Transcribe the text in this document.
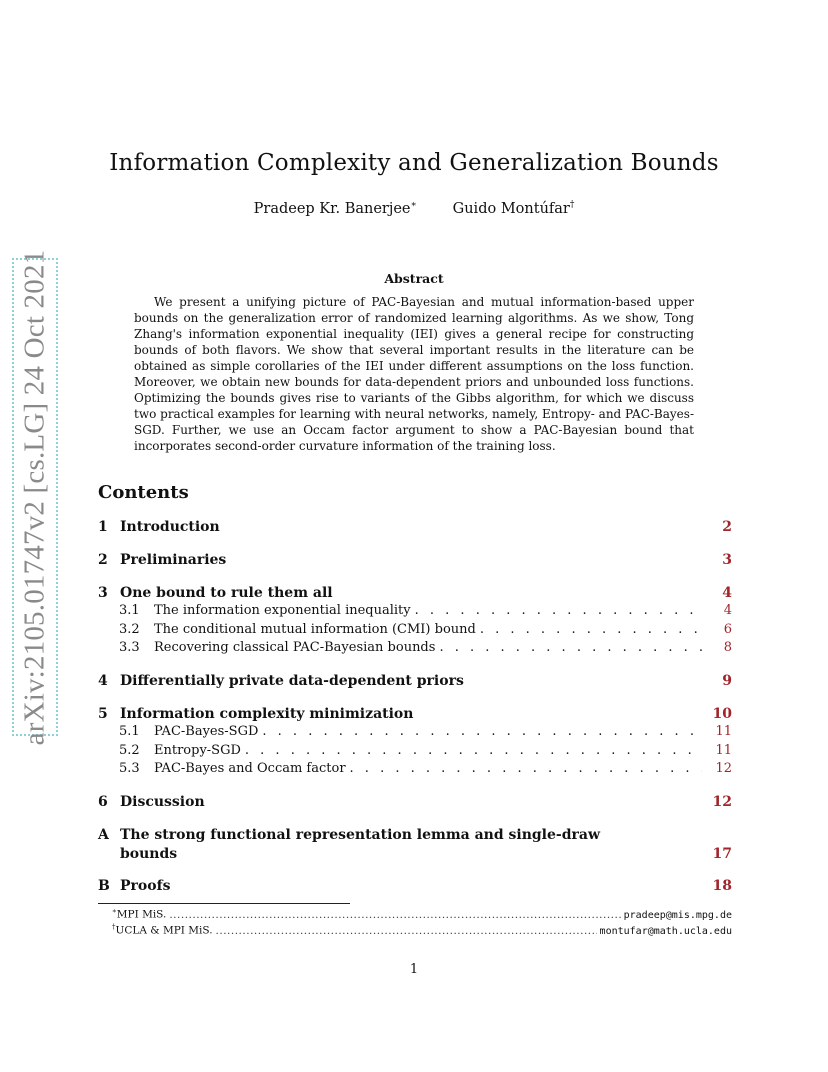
arXiv:2105.01747v2 [cs.LG] 24 Oct 2021
Information Complexity and Generalization Bounds
Pradeep Kr. Banerjee∗ Guido Montúfar†
Abstract

We present a unifying picture of PAC-Bayesian and mutual information-based upper bounds on the generalization error of randomized learning algorithms. As we show, Tong Zhang's information exponential inequality (IEI) gives a general recipe for constructing bounds of both flavors. We show that several important results in the literature can be obtained as simple corollaries of the IEI under different assumptions on the loss function. Moreover, we obtain new bounds for data-dependent priors and unbounded loss functions. Optimizing the bounds gives rise to variants of the Gibbs algorithm, for which we discuss two practical examples for learning with neural networks, namely, Entropy- and PAC-Bayes- SGD. Further, we use an Occam factor argument to show a PAC-Bayesian bound that incorporates second-order curvature information of the training loss.

Contents
1 Introduction	2
2 Preliminaries	3
3 One bound to rule them all	4
3.1	The information exponential inequality . . .	4
3.2	The conditional mutual information (CMI) bound . . .	6
3.3	Recovering classical PAC-Bayesian bounds . . .	8
4 Differentially private data-dependent priors	9
5 Information complexity minimization	10
5.1	PAC-Bayes-SGD . . .	11
5.2	Entropy-SGD . . .	11
5.3	PAC-Bayes and Occam factor . . .	12
6 Discussion	12
A The strong functional representation lemma and single-draw
bounds	17
B Proofs	18
∗MPI MiS. .....	pradeep@mis.mpg.de
†UCLA & MPI MiS. .....	montufar@math.ucla.edu
1
